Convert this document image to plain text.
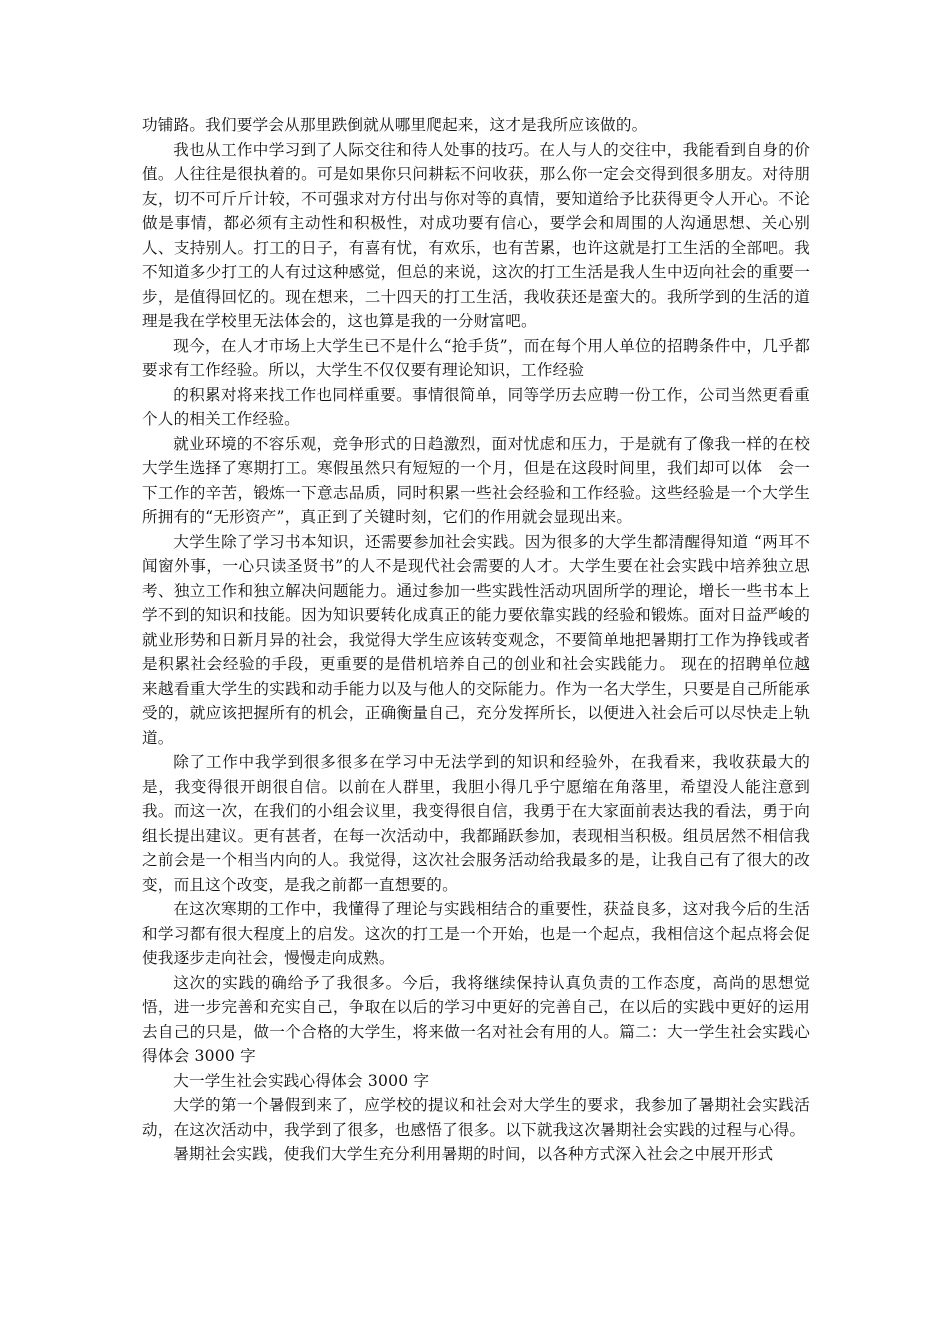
功铺路。我们要学会从那里跌倒就从哪里爬起来，这才是我所应该做的。

我也从工作中学习到了人际交往和待人处事的技巧。在人与人的交往中，我能看到自身的价值。人往往是很执着的。可是如果你只问耕耘不问收获，那么你一定会交得到很多朋友。对待朋友，切不可斤斤计较，不可强求对方付出与你对等的真情，要知道给予比获得更令人开心。不论做是事情，都必须有主动性和积极性，对成功要有信心，要学会和周围的人沟通思想、关心别人、支持别人。打工的日子，有喜有忧，有欢乐，也有苦累，也许这就是打工生活的全部吧。我不知道多少打工的人有过这种感觉，但总的来说，这次的打工生活是我人生中迈向社会的重要一步，是值得回忆的。现在想来，二十四天的打工生活，我收获还是蛮大的。我所学到的生活的道理是我在学校里无法体会的，这也算是我的一分财富吧。

现今，在人才市场上大学生已不是什么“抢手货”，而在每个用人单位的招聘条件中，几乎都要求有工作经验。所以，大学生不仅仅要有理论知识，工作经验

的积累对将来找工作也同样重要。事情很简单，同等学历去应聘一份工作，公司当然更看重个人的相关工作经验。

就业环境的不容乐观，竞争形式的日趋激烈，面对忧虑和压力，于是就有了像我一样的在校大学生选择了寒期打工。寒假虽然只有短短的一个月，但是在这段时间里，我们却可以体　会一下工作的辛苦，锻炼一下意志品质，同时积累一些社会经验和工作经验。这些经验是一个大学生所拥有的“无形资产”，真正到了关键时刻，它们的作用就会显现出来。

大学生除了学习书本知识，还需要参加社会实践。因为很多的大学生都清醒得知道 “两耳不闻窗外事，一心只读圣贤书”的人不是现代社会需要的人才。大学生要在社会实践中培养独立思考、独立工作和独立解决问题能力。通过参加一些实践性活动巩固所学的理论，增长一些书本上学不到的知识和技能。因为知识要转化成真正的能力要依靠实践的经验和锻炼。面对日益严峻的就业形势和日新月异的社会，我觉得大学生应该转变观念，不要简单地把暑期打工作为挣钱或者是积累社会经验的手段，更重要的是借机培养自己的创业和社会实践能力。 现在的招聘单位越来越看重大学生的实践和动手能力以及与他人的交际能力。作为一名大学生，只要是自己所能承受的，就应该把握所有的机会，正确衡量自己，充分发挥所长，以便进入社会后可以尽快走上轨道。

除了工作中我学到很多很多在学习中无法学到的知识和经验外，在我看来，我收获最大的是，我变得很开朗很自信。以前在人群里，我胆小得几乎宁愿缩在角落里，希望没人能注意到我。而这一次，在我们的小组会议里，我变得很自信，我勇于在大家面前表达我的看法，勇于向组长提出建议。更有甚者，在每一次活动中，我都踊跃参加，表现相当积极。组员居然不相信我之前会是一个相当内向的人。我觉得，这次社会服务活动给我最多的是，让我自己有了很大的改变，而且这个改变，是我之前都一直想要的。

在这次寒期的工作中，我懂得了理论与实践相结合的重要性，获益良多，这对我今后的生活和学习都有很大程度上的启发。这次的打工是一个开始，也是一个起点，我相信这个起点将会促使我逐步走向社会，慢慢走向成熟。

这次的实践的确给予了我很多。今后，我将继续保持认真负责的工作态度，高尚的思想觉悟，进一步完善和充实自己，争取在以后的学习中更好的完善自己，在以后的实践中更好的运用去自己的只是，做一个合格的大学生，将来做一名对社会有用的人。篇二：大一学生社会实践心得体会 3000 字

大一学生社会实践心得体会 3000 字

大学的第一个暑假到来了，应学校的提议和社会对大学生的要求，我参加了暑期社会实践活动，在这次活动中，我学到了很多，也感悟了很多。以下就我这次暑期社会实践的过程与心得。

暑期社会实践，使我们大学生充分利用暑期的时间，以各种方式深入社会之中展开形式
